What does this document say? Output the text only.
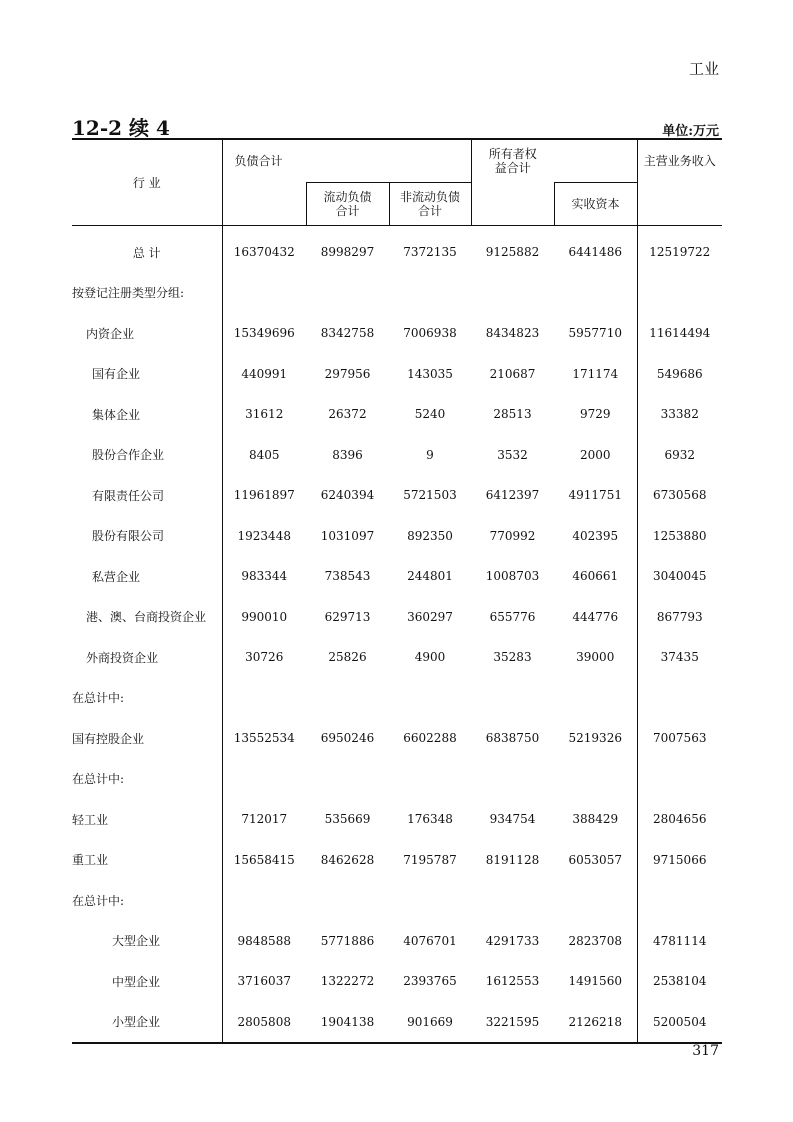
工业
12-2 续 4	单位:万元
行 业	负债合计			所有者权益合计		主营业务收入
		流动负债合计	非流动负债合计		实收资本	
总 计	16370432	8998297	7372135	9125882	6441486	12519722
按登记注册类型分组:						
内资企业	15349696	8342758	7006938	8434823	5957710	11614494
国有企业	440991	297956	143035	210687	171174	549686
集体企业	31612	26372	5240	28513	9729	33382
股份合作企业	8405	8396	9	3532	2000	6932
有限责任公司	11961897	6240394	5721503	6412397	4911751	6730568
股份有限公司	1923448	1031097	892350	770992	402395	1253880
私营企业	983344	738543	244801	1008703	460661	3040045
港、澳、台商投资企业	990010	629713	360297	655776	444776	867793
外商投资企业	30726	25826	4900	35283	39000	37435
在总计中:						
国有控股企业	13552534	6950246	6602288	6838750	5219326	7007563
在总计中:						
轻工业	712017	535669	176348	934754	388429	2804656
重工业	15658415	8462628	7195787	8191128	6053057	9715066
在总计中:						
大型企业	9848588	5771886	4076701	4291733	2823708	4781114
中型企业	3716037	1322272	2393765	1612553	1491560	2538104
小型企业	2805808	1904138	901669	3221595	2126218	5200504
317
